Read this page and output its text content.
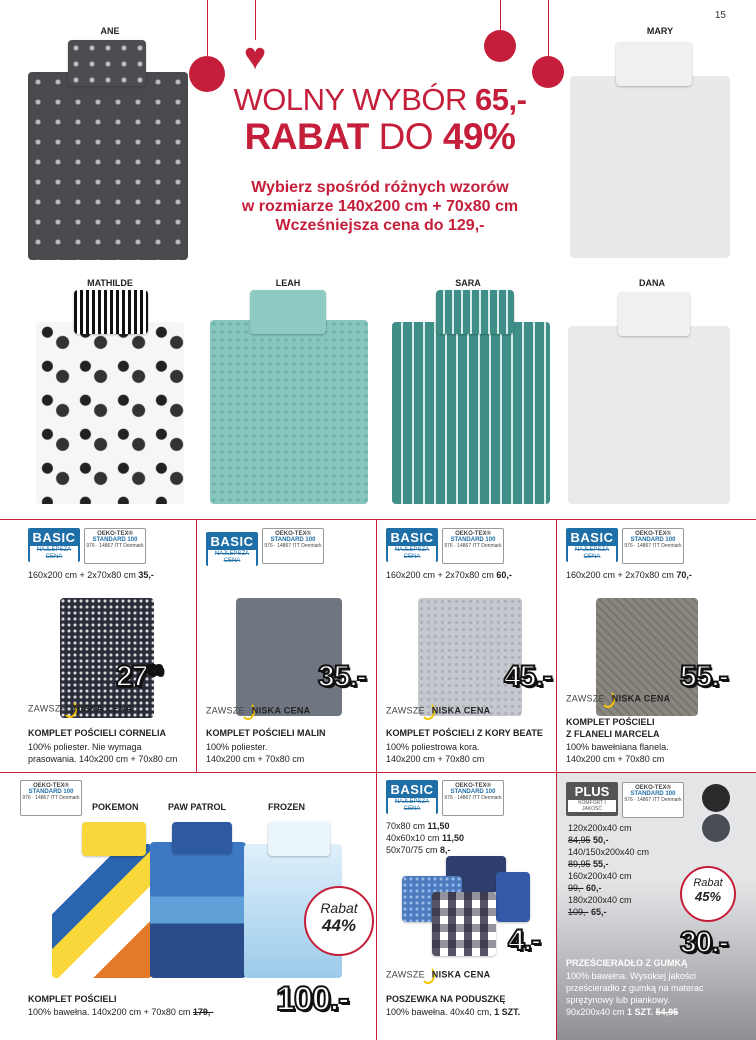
15
ANE	MARY
♥
WOLNY WYBÓR 65,-
RABAT DO 49%
Wybierz spośród różnych wzorów
w rozmiarze 140x200 cm + 70x80 cm
Wcześniejsza cena do 129,-
MATHILDE	LEAH	SARA	DANA
BASIC
NAJLEPSZA CENA
OEKO-TEX®
STANDARD 100
976 · 14867 ITT Denmark
160x200 cm + 2x70x80 cm 35,-
$27^{50}$
ZAWSZE NISKA CENA
KOMPLET POŚCIELI CORNELIA
100% poliester. Nie wymaga
prasowania. 140x200 cm + 70x80 cm
BASIC
NAJLEPSZA CENA
OEKO-TEX®
STANDARD 100
976 · 14867 ITT Denmark
35.-
ZAWSZE NISKA CENA
KOMPLET POŚCIELI MALIN
100% poliester.
140x200 cm + 70x80 cm
BASIC
NAJLEPSZA CENA
OEKO-TEX®
STANDARD 100
976 · 14867 ITT Denmark
160x200 cm + 2x70x80 cm 60,-
45.-
ZAWSZE NISKA CENA
KOMPLET POŚCIELI Z KORY BEATE
100% poliestrowa kora.
140x200 cm + 70x80 cm
BASIC
NAJLEPSZA CENA
OEKO-TEX®
STANDARD 100
976 · 14867 ITT Denmark
160x200 cm + 2x70x80 cm 70,-
55.-
ZAWSZE NISKA CENA
KOMPLET POŚCIELI
Z FLANELI MARCELA
100% bawełniana flanela.
140x200 cm + 70x80 cm
OEKO-TEX®
STANDARD 100
976 · 14867 ITT Denmark
POKEMON	PAW PATROL	FROZEN
Rabat
44%
100.-
KOMPLET POŚCIELI
100% bawełna. 140x200 cm + 70x80 cm 179,-
BASIC
NAJLEPSZA CENA
OEKO-TEX®
STANDARD 100
976 · 14867 ITT Denmark
70x80 cm 11,50
40x60x10 cm 11,50
50x70/75 cm 8,-
4.-
ZAWSZE NISKA CENA
POSZEWKA NA PODUSZKĘ
100% bawełna. 40x40 cm, 1 SZT.
PLUS
KOMFORT I JAKOŚĆ
OEKO-TEX®
STANDARD 100
976 · 14867 ITT Denmark
120x200x40 cm
84,95 50,-
140/150x200x40 cm
89,95 55,-
160x200x40 cm
99,- 60,-
180x200x40 cm
109,- 65,-
Rabat
45%
30.-
PRZEŚCIERADŁO Z GUMKĄ
100% bawełna. Wysokiej jakości
prześcieradło z gumką na materac
sprężynowy lub piankowy.
90x200x40 cm 1 SZT. 54,95
